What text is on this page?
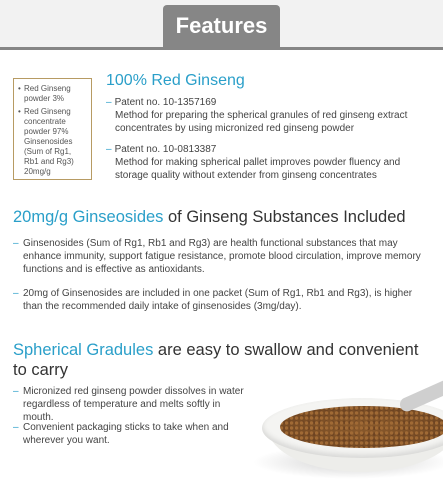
Features
• Red Ginseng powder 3%
• Red Ginseng concentrate powder 97% Ginsenosides (Sum of Rg1, Rb1 and Rg3) 20mg/g
100% Red Ginseng
– Patent no. 10-1357169
Method for preparing the spherical granules of red ginseng extract concentrates by using micronized red ginseng powder
– Patent no. 10-0813387
Method for making spherical pallet improves powder fluency and storage quality without extender from ginseng concentrates
20mg/g Ginseosides of Ginseng Substances Included
– Ginsenosides (Sum of Rg1, Rb1 and Rg3) are health functional substances that may enhance immunity, support fatigue resistance, promote blood circulation, improve memory functions and is effective as antioxidants.
– 20mg of Ginsenosides are included in one packet (Sum of Rg1, Rb1 and Rg3), is higher than the recommended daily intake of ginsenosides (3mg/day).
Spherical Gradules are easy to swallow and convenient to carry
– Micronized red ginseng powder dissolves in water regardless of temperature and melts softly in mouth.
– Convenient packaging sticks to take when and wherever you want.
